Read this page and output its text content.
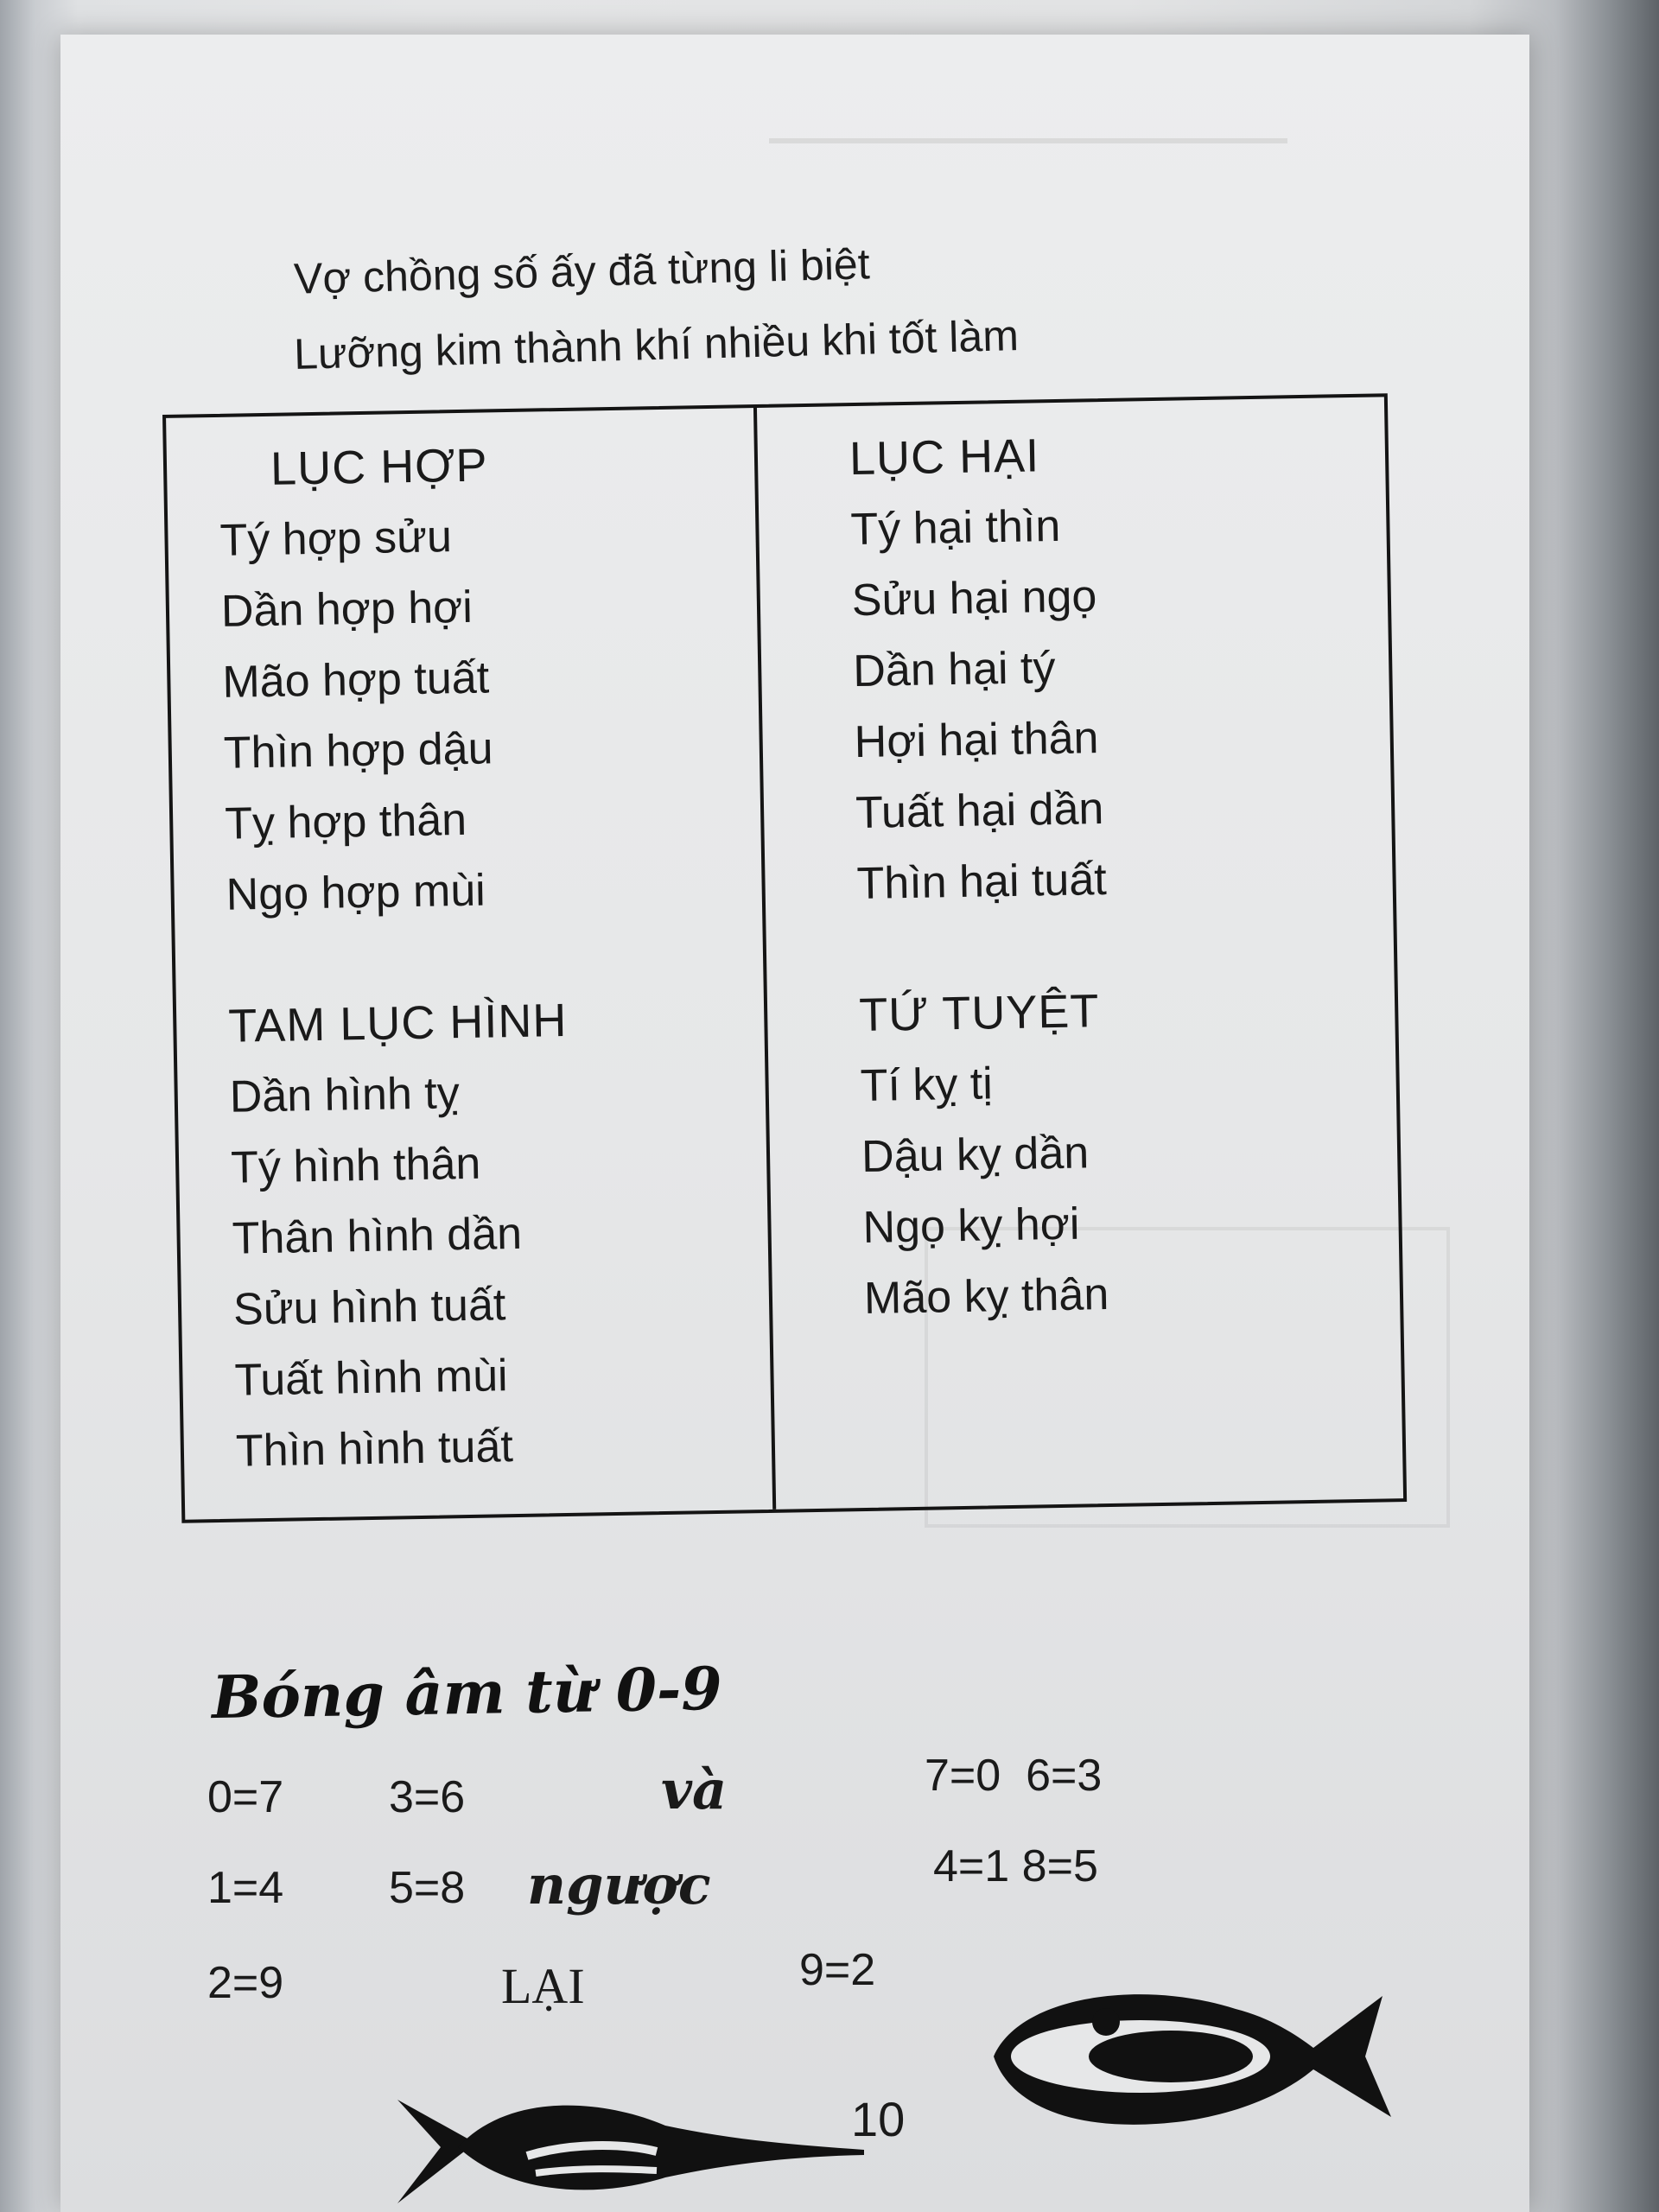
Vợ chồng số ấy đã từng li biệt
Lưỡng kim thành khí nhiều khi tốt làm
LỤC HỢP
Tý hợp sửu
Dần hợp hợi
Mão hợp tuất
Thìn hợp dậu
Tỵ hợp thân
Ngọ hợp mùi
TAM LỤC HÌNH
Dần hình tỵ
Tý hình thân
Thân hình dần
Sửu hình tuất
Tuất hình mùi
Thìn hình tuất
LỤC HẠI
Tý hại thìn
Sửu hại ngọ
Dần hại tý
Hợi hại thân
Tuất hại dần
Thìn hại tuất
TỨ TUYỆT
Tí kỵ tị
Dậu kỵ dần
Ngọ kỵ hợi
Mão kỵ thân
Bóng âm từ 0-9
0=7 3=6
1=4 5=8
2=9
và
ngược
LẠI
7=0  6=3
4=1 8=5
9=2
10
